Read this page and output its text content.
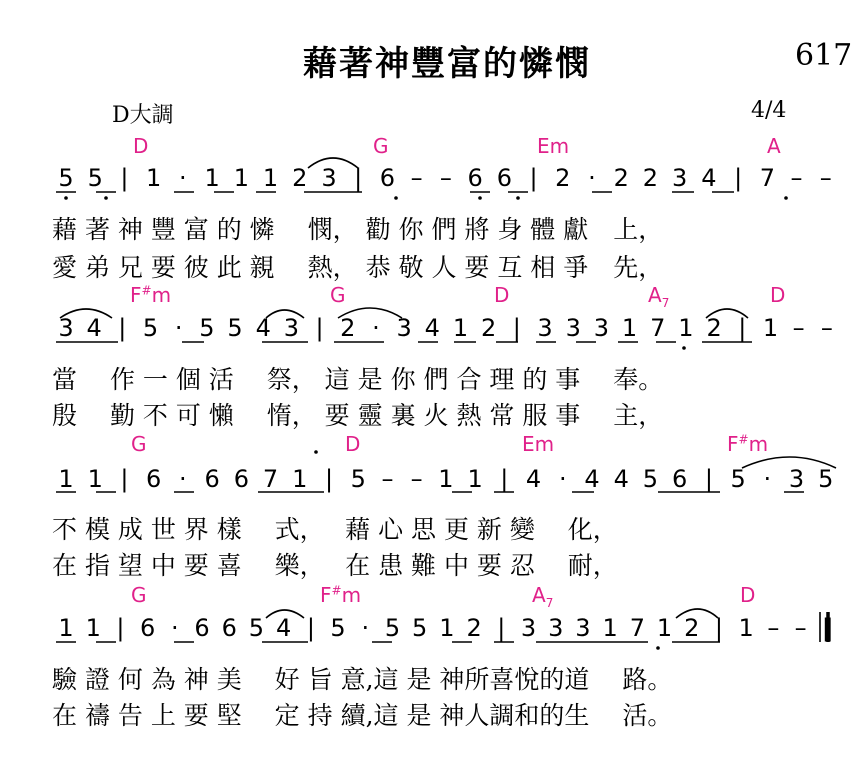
藉著神豐富的憐憫	617
D大調	4/4
D	G	Em	A
5 5 | 1 · 1 1 1 2 3 | 6 – – 6 6 | 2 · 2 2 3 4 | 7 – –
藉 著 神 豐 富 的 憐　 憫， 勸 你 們 將 身 體 獻　上，
愛 弟 兄 要 彼 此 親　 熱， 恭 敬 人 要 互 相 爭　先，
F#m	G	D	$A_7$	D
3 4 | 5 · 5 5 4 3 | 2 · 3 4 1 2 | 3 3 3 1 7 1 2 | 1 – –
當　 作 一 個 活　 祭， 這 是 你 們 合 理 的 事　 奉。
殷　 勤 不 可 懶　 惰， 要 靈 裏 火 熱 常 服 事　 主，
G	D	Em	F#m
1 1 | 6 · 6 6 7 1 | 5 – – 1 1 | 4 · 4 4 5 6 | 5 · 3 5
不 模 成 世 界 樣　 式，　 藉 心 思 更 新 變　 化，
在 指 望 中 要 喜　 樂，　 在 患 難 中 要 忍　 耐，
G	F#m	$A_7$	D
1 1 | 6 · 6 6 5 4 | 5 · 5 5 1 2 | 3 3 3 1 7 1 2 | 1 – – ‖
驗 證 何 為 神 美　 好 旨 意,這 是 神所喜悅的道　 路。
在 禱 告 上 要 堅　 定 持 續,這 是 神人調和的生　 活。
